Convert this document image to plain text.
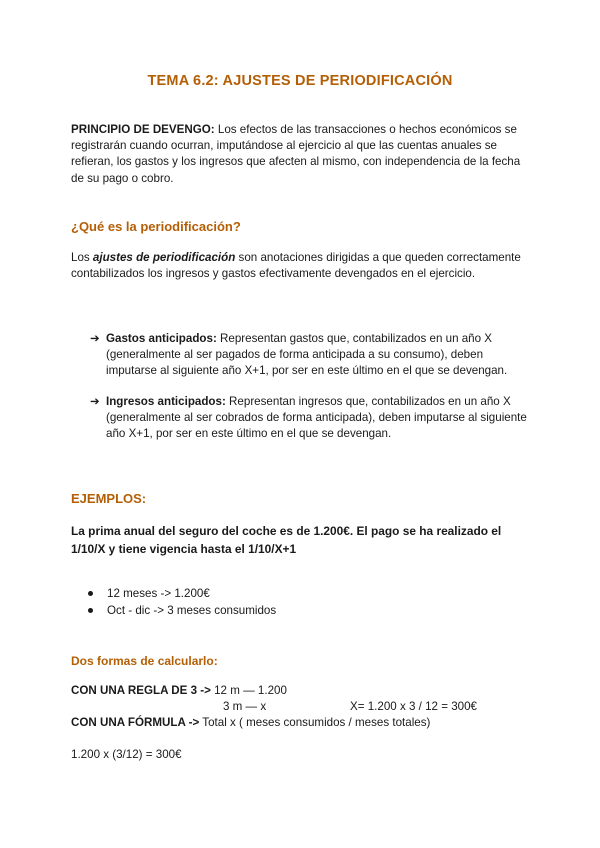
TEMA 6.2: AJUSTES DE PERIODIFICACIÓN
PRINCIPIO DE DEVENGO: Los efectos de las transacciones o hechos económicos se registrarán cuando ocurran, imputándose al ejercicio al que las cuentas anuales se refieran, los gastos y los ingresos que afecten al mismo, con independencia de la fecha de su pago o cobro.
¿Qué es la periodificación?
Los ajustes de periodificación son anotaciones dirigidas a que queden correctamente contabilizados los ingresos y gastos efectivamente devengados en el ejercicio.
➔ Gastos anticipados: Representan gastos que, contabilizados en un año X (generalmente al ser pagados de forma anticipada a su consumo), deben imputarse al siguiente año X+1, por ser en este último en el que se devengan.
➔ Ingresos anticipados: Representan ingresos que, contabilizados en un año X (generalmente al ser cobrados de forma anticipada), deben imputarse al siguiente año X+1, por ser en este último en el que se devengan.
EJEMPLOS:
La prima anual del seguro del coche es de 1.200€. El pago se ha realizado el 1/10/X y tiene vigencia hasta el 1/10/X+1
12 meses -> 1.200€
Oct - dic -> 3 meses consumidos
Dos formas de calcularlo:
CON UNA REGLA DE 3 -> 12 m — 1.200
3 m — x	X= 1.200 x 3 / 12 = 300€
CON UNA FÓRMULA -> Total x ( meses consumidos / meses totales)
1.200 x (3/12) = 300€
